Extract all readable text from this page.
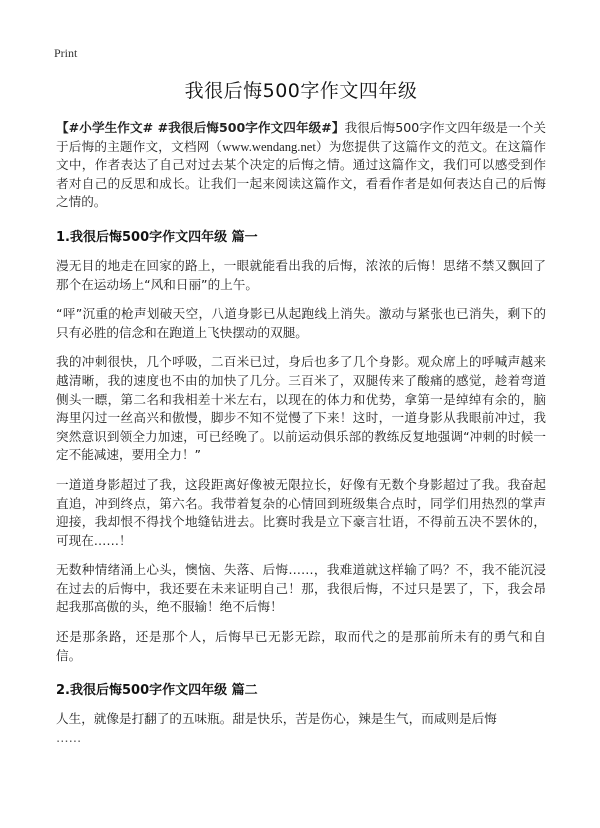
Print
我很后悔500字作文四年级

【#小学生作文# #我很后悔500字作文四年级#】我很后悔500字作文四年级是一个关于后悔的主题作文，文档网（www.wendang.net）为您提供了这篇作文的范文。在这篇作文中，作者表达了自己对过去某个决定的后悔之情。通过这篇作文，我们可以感受到作者对自己的反思和成长。让我们一起来阅读这篇作文，看看作者是如何表达自己的后悔之情的。

1.我很后悔500字作文四年级 篇一

漫无目的地走在回家的路上，一眼就能看出我的后悔，浓浓的后悔！思绪不禁又飘回了那个在运动场上“风和日丽”的上午。

“呯”沉重的枪声划破天空，八道身影已从起跑线上消失。激动与紧张也已消失，剩下的只有必胜的信念和在跑道上飞快摆动的双腿。

我的冲刺很快，几个呼吸，二百米已过，身后也多了几个身影。观众席上的呼喊声越来越清晰，我的速度也不由的加快了几分。三百米了，双腿传来了酸痛的感觉，趁着弯道侧头一瞟，第二名和我相差十米左右，以现在的体力和优势，拿第一是绰绰有余的，脑海里闪过一丝高兴和傲慢，脚步不知不觉慢了下来！这时，一道身影从我眼前冲过，我突然意识到领全力加速，可已经晚了。以前运动俱乐部的教练反复地强调“冲刺的时候一定不能减速，要用全力！”

一道道身影超过了我，这段距离好像被无限拉长，好像有无数个身影超过了我。我奋起直追，冲到终点，第六名。我带着复杂的心情回到班级集合点时，同学们用热烈的掌声迎接，我却恨不得找个地缝钻进去。比赛时我是立下豪言壮语，不得前五决不罢休的，可现在……！

无数种情绪涌上心头，懊恼、失落、后悔……，我难道就这样输了吗？不，我不能沉浸在过去的后悔中，我还要在未来证明自己！那，我很后悔，不过只是罢了，下，我会昂起我那高傲的头，绝不服输！绝不后悔！

还是那条路，还是那个人，后悔早已无影无踪，取而代之的是那前所未有的勇气和自信。

2.我很后悔500字作文四年级 篇二

人生，就像是打翻了的五味瓶。甜是快乐，苦是伤心，辣是生气，而咸则是后悔
……
